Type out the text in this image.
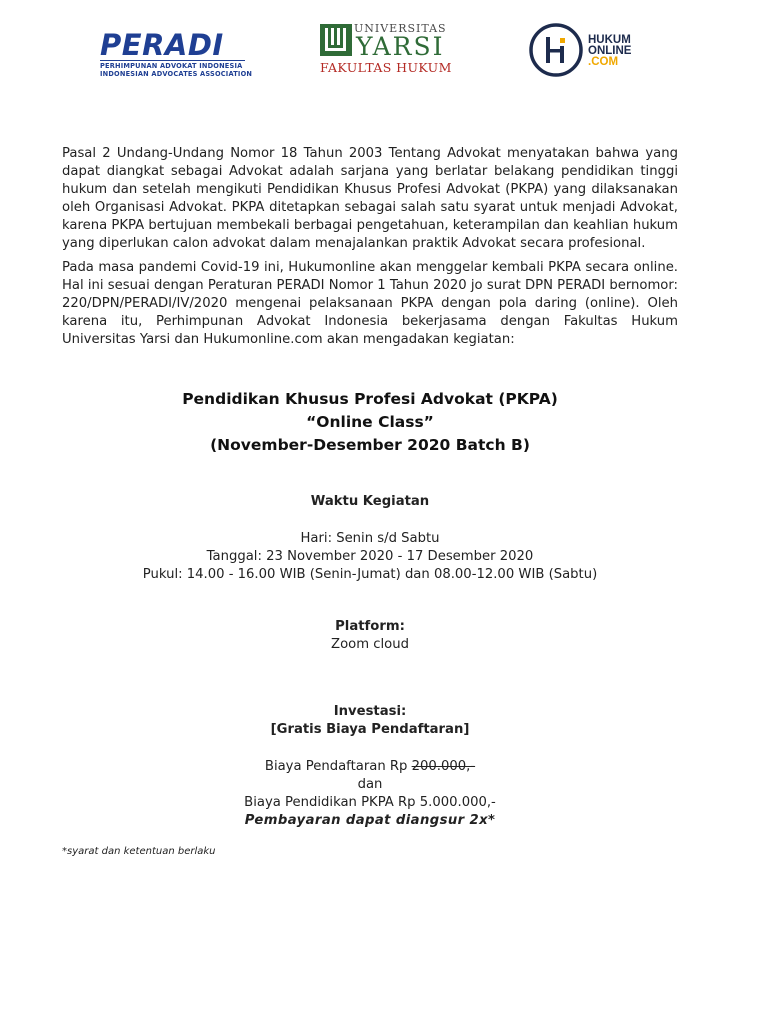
PERADI
PERHIMPUNAN ADVOKAT INDONESIA
INDONESIAN ADVOCATES ASSOCIATION
UNIVERSITAS
YARSI
FAKULTAS HUKUM
HUKUM
ONLINE
.COM

Pasal 2 Undang-Undang Nomor 18 Tahun 2003 Tentang Advokat menyatakan bahwa yang dapat diangkat sebagai Advokat adalah sarjana yang berlatar belakang pendidikan tinggi hukum dan setelah mengikuti Pendidikan Khusus Profesi Advokat (PKPA) yang dilaksanakan oleh Organisasi Advokat. PKPA ditetapkan sebagai salah satu syarat untuk menjadi Advokat, karena PKPA bertujuan membekali berbagai pengetahuan, keterampilan dan keahlian hukum yang diperlukan calon advokat dalam menajalankan praktik Advokat secara profesional.

Pada masa pandemi Covid-19 ini, Hukumonline akan menggelar kembali PKPA secara online. Hal ini sesuai dengan Peraturan PERADI Nomor 1 Tahun 2020 jo surat DPN PERADI bernomor: 220/DPN/PERADI/IV/2020 mengenai pelaksanaan PKPA dengan pola daring (online). Oleh karena itu, Perhimpunan Advokat Indonesia bekerjasama dengan Fakultas Hukum Universitas Yarsi dan Hukumonline.com akan mengadakan kegiatan:

Pendidikan Khusus Profesi Advokat (PKPA)
“Online Class”
(November-Desember 2020 Batch B)
Waktu Kegiatan
Hari: Senin s/d Sabtu
Tanggal: 23 November 2020 - 17 Desember 2020
Pukul: 14.00 - 16.00 WIB (Senin-Jumat) dan 08.00-12.00 WIB (Sabtu)
Platform:
Zoom cloud
Investasi:
[Gratis Biaya Pendaftaran]
Biaya Pendaftaran Rp 200.000,-
dan
Biaya Pendidikan PKPA Rp 5.000.000,-
Pembayaran dapat diangsur 2x*
*syarat dan ketentuan berlaku
